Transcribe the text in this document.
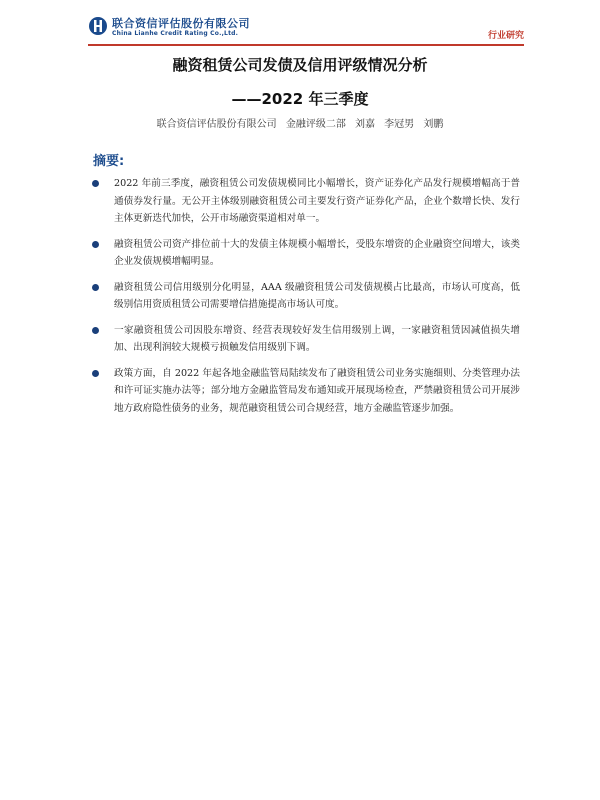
联合资信评估股份有限公司
China Lianhe Credit Rating Co.,Ltd.	行业研究
融资租赁公司发债及信用评级情况分析
——2022 年三季度
联合资信评估股份有限公司 金融评级二部 刘嘉 李冠男 刘鹏
摘要:
2022 年前三季度，融资租赁公司发债规模同比小幅增长，资产证券化产品发行规模增幅高于普通债券发行量。无公开主体级别融资租赁公司主要发行资产证券化产品，企业个数增长快、发行主体更新迭代加快，公开市场融资渠道相对单一。
融资租赁公司资产排位前十大的发债主体规模小幅增长，受股东增资的企业融资空间增大，该类企业发债规模增幅明显。
融资租赁公司信用级别分化明显，AAA 级融资租赁公司发债规模占比最高，市场认可度高，低级别信用资质租赁公司需要增信措施提高市场认可度。
一家融资租赁公司因股东增资、经营表现较好发生信用级别上调，一家融资租赁因减值损失增加、出现利润较大规模亏损触发信用级别下调。
政策方面，自 2022 年起各地金融监管局陆续发布了融资租赁公司业务实施细则、分类管理办法和许可证实施办法等；部分地方金融监管局发布通知或开展现场检查，严禁融资租赁公司开展涉地方政府隐性债务的业务，规范融资租赁公司合规经营，地方金融监管逐步加强。
